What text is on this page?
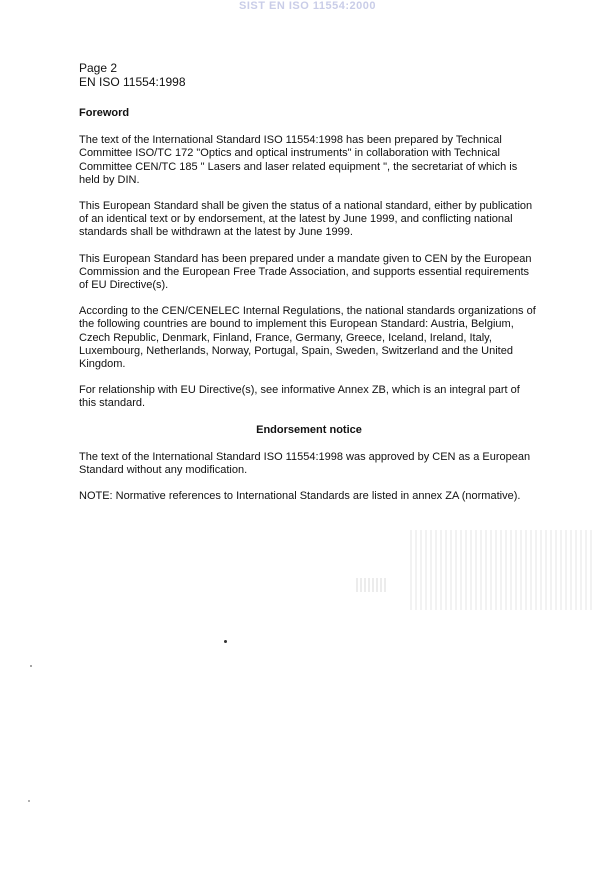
SIST EN ISO 11554:2000
Page 2
EN ISO 11554:1998
Foreword

The text of the International Standard ISO 11554:1998 has been prepared by Technical Committee ISO/TC 172 "Optics and optical instruments" in collaboration with Technical Committee CEN/TC 185 " Lasers and laser related equipment ", the secretariat of which is held by DIN.

This European Standard shall be given the status of a national standard, either by publication of an identical text or by endorsement, at the latest by June 1999, and conflicting national standards shall be withdrawn at the latest by June 1999.

This European Standard has been prepared under a mandate given to CEN by the European Commission and the European Free Trade Association, and supports essential requirements of EU Directive(s).

According to the CEN/CENELEC Internal Regulations, the national standards organizations of the following countries are bound to implement this European Standard: Austria, Belgium, Czech Republic, Denmark, Finland, France, Germany, Greece, Iceland, Ireland, Italy, Luxembourg, Netherlands, Norway, Portugal, Spain, Sweden, Switzerland and the United Kingdom.

For relationship with EU Directive(s), see informative Annex ZB, which is an integral part of this standard.

Endorsement notice

The text of the International Standard ISO 11554:1998 was approved by CEN as a European Standard without any modification.

NOTE: Normative references to International Standards are listed in annex ZA (normative).
